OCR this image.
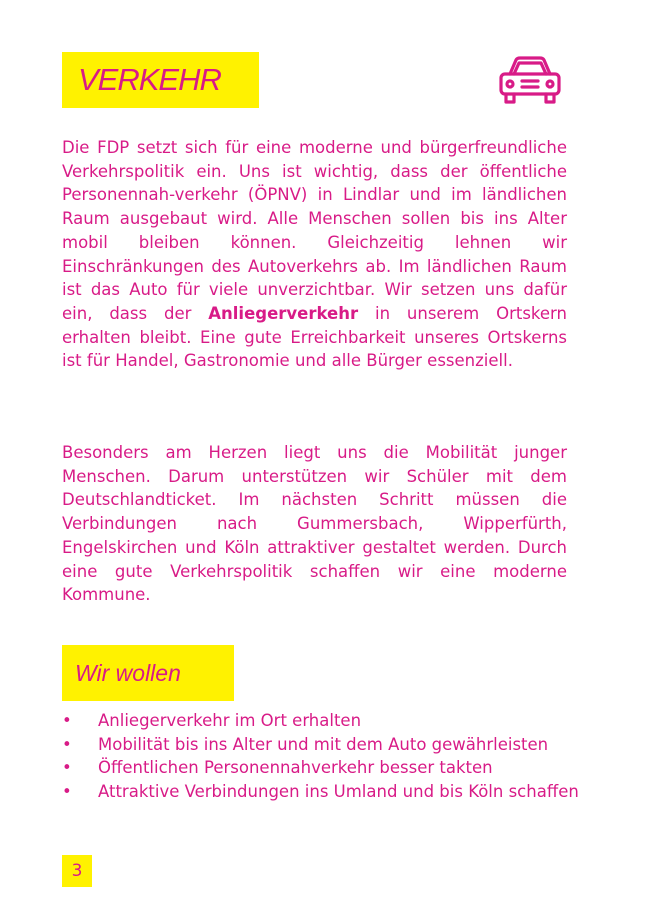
VERKEHR

Die FDP setzt sich für eine moderne und bürgerfreundliche Verkehrspolitik ein. Uns ist wichtig, dass der öffentliche Personennah-verkehr (ÖPNV) in Lindlar und im ländlichen Raum ausgebaut wird. Alle Menschen sollen bis ins Alter mobil bleiben können. Gleichzeitig lehnen wir Einschränkungen des Autoverkehrs ab. Im ländlichen Raum ist das Auto für viele unverzichtbar. Wir setzen uns dafür ein, dass der Anliegerverkehr in unserem Ortskern erhalten bleibt. Eine gute Erreichbarkeit unseres Ortskerns ist für Handel, Gastronomie und alle Bürger essenziell.

Besonders am Herzen liegt uns die Mobilität junger Menschen. Darum unterstützen wir Schüler mit dem Deutschlandticket. Im nächsten Schritt müssen die Verbindungen nach Gummersbach, Wipperfürth, Engelskirchen und Köln attraktiver gestaltet werden. Durch eine gute Verkehrspolitik schaffen wir eine moderne Kommune.

Wir wollen
• Anliegerverkehr im Ort erhalten
• Mobilität bis ins Alter und mit dem Auto gewährleisten
• Öffentlichen Personennahverkehr besser takten
• Attraktive Verbindungen ins Umland und bis Köln schaffen
3
